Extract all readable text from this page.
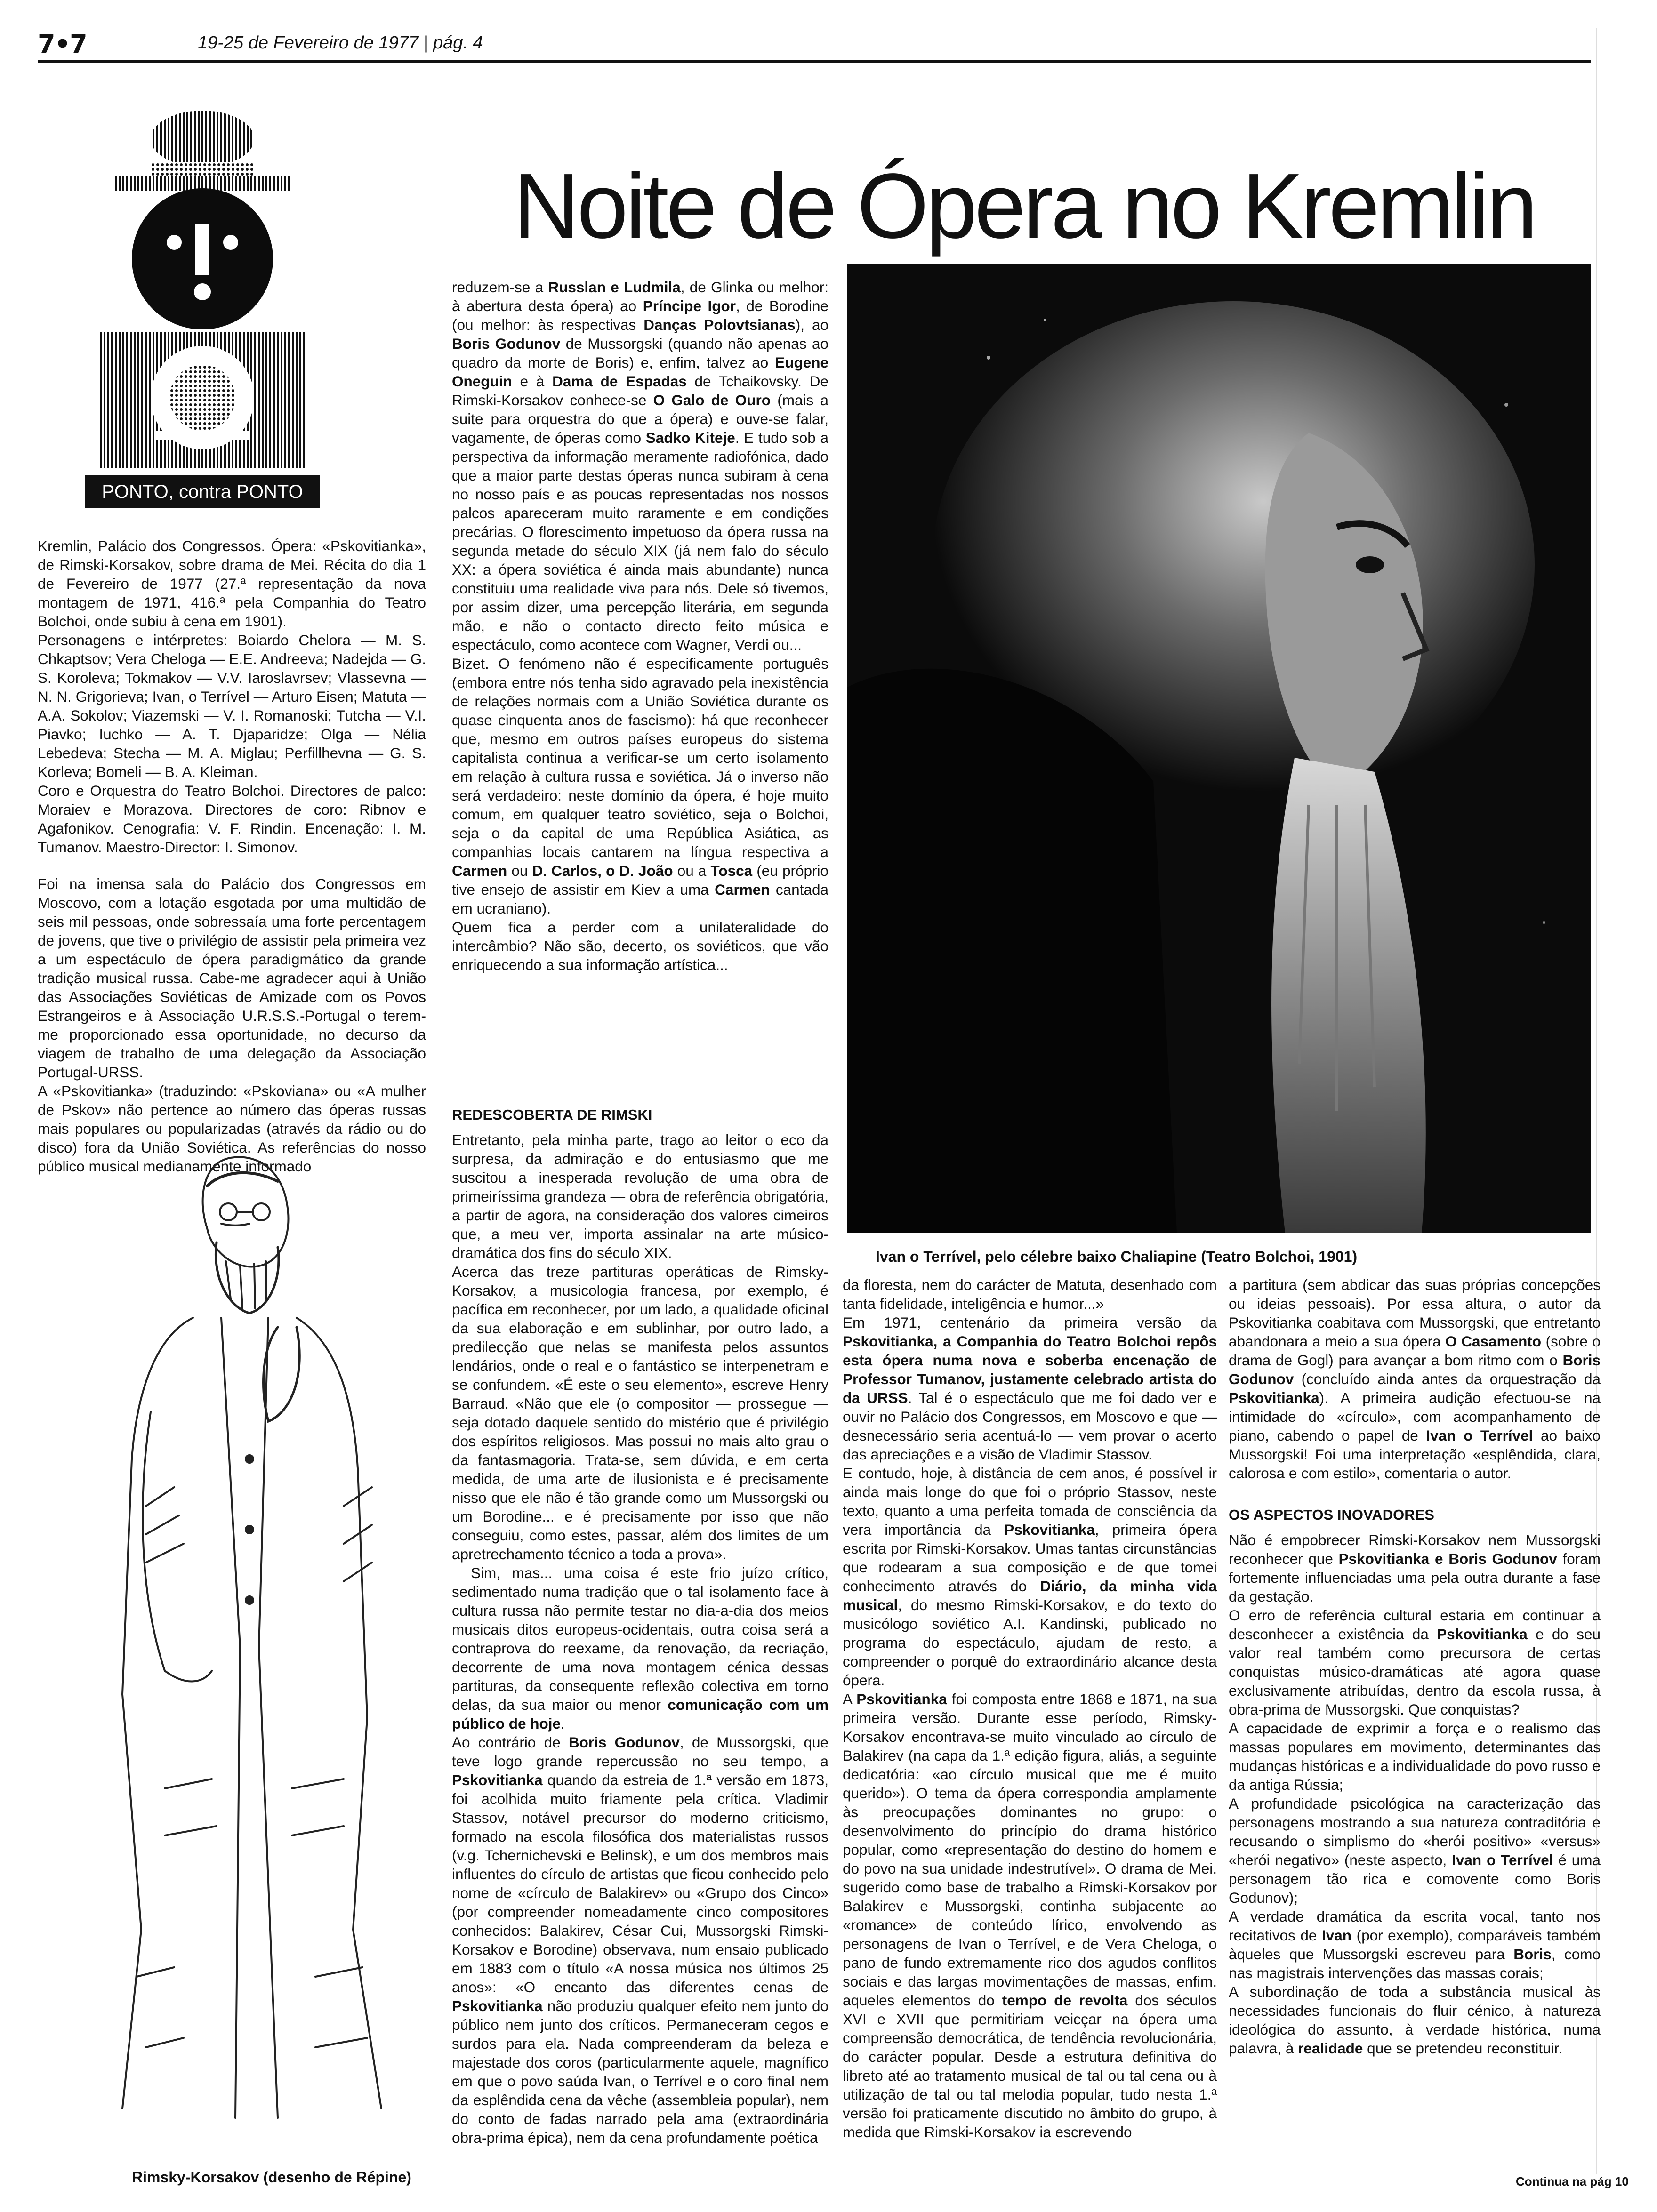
7•7	19-25 de Fevereiro de 1977 | pág. 4
PONTO, contra PONTO
Noite de Ópera no Kremlin

Kremlin, Palácio dos Congressos. Ópera: «Pskovitianka», de Rimski-Korsakov, sobre drama de Mei. Récita do dia 1 de Fevereiro de 1977 (27.ª representação da nova montagem de 1971, 416.ª pela Companhia do Teatro Bolchoi, onde subiu à cena em 1901).

Personagens e intérpretes: Boiardo Chelога — M. S. Chkaptsov; Vera Cheloga — E.E. Andreeva; Nadejda — G. S. Koroleva; Tokmakov — V.V. Iaroslavrsev; Vlassevna — N. N. Grigorieva; Ivan, o Terrível — Arturo Eisen; Matuta — A.A. Sokolov; Viazemski — V. I. Romanoski; Tutcha — V.I. Piavko; Iuchko — A. T. Djaparidze; Olga — Nélia Lebedeva; Stecha — M. A. Miglau; Perfillhevna — G. S. Korleva; Bomeli — B. A. Kleiman.

Coro e Orquestra do Teatro Bolchoi. Directores de palco: Moraiev e Morazova. Directores de coro: Ribnov e Agafonikov. Cenografia: V. F. Rindin. Encenação: I. M. Tumanov. Maestro-Director: I. Simonov.

Foi na imensa sala do Palácio dos Congressos em Moscovo, com a lotação esgotada por uma multidão de seis mil pessoas, onde sobressaía uma forte percentagem de jovens, que tive o privilégio de assistir pela primeira vez a um espectáculo de ópera paradigmático da grande tradição musical russa. Cabe-me agradecer aqui à União das Associações Soviéticas de Amizade com os Povos Estrangeiros e à Associação U.R.S.S.-Portugal o terem-me proporcionado essa oportunidade, no decurso da viagem de trabalho de uma delegação da Associação Portugal-URSS.

A «Pskovitianka» (traduzindo: «Pskoviana» ou «A mulher de Pskov» não pertence ao número das óperas russas mais populares ou popularizadas (através da rádio ou do disco) fora da União Soviética. As referências do nosso público musical medianamente informado

Rimsky-Korsakov (desenho de Répine)

reduzem-se a Russlan e Ludmila, de Glinka ou melhor: à abertura desta ópera) ao Príncipe Igor, de Borodine (ou melhor: às respectivas Danças Polovtsianas), ao Boris Godunov de Mussorgski (quando não apenas ao quadro da morte de Boris) e, enfim, talvez ao Eugene Oneguin e à Dama de Espadas de Tchaikovsky. De Rimski-Korsakov conhece-se O Galo de Ouro (mais a suite para orquestra do que a ópera) e ouve-se falar, vagamente, de óperas como Sadko Kiteje. E tudo sob a perspectiva da informação meramente radiofónica, dado que a maior parte destas óperas nunca subiram à cena no nosso país e as poucas representadas nos nossos palcos apareceram muito raramente e em condições precárias. O florescimento impetuoso da ópera russa na segunda metade do século XIX (já nem falo do século XX: a ópera soviética é ainda mais abundante) nunca constituiu uma realidade viva para nós. Dele só tivemos, por assim dizer, uma percepção literária, em segunda mão, e não o contacto directo feito música e espectáculo, como acontece com Wagner, Verdi ou...

Bizet. O fenómeno não é especificamente português (embora entre nós tenha sido agravado pela inexistência de relações normais com a União Soviética durante os quase cinquenta anos de fascismo): há que reconhecer que, mesmo em outros países europeus do sistema capitalista continua a verificar-se um certo isolamento em relação à cultura russa e soviética. Já o inverso não será verdadeiro: neste domínio da ópera, é hoje muito comum, em qualquer teatro soviético, seja o Bolchoi, seja o da capital de uma República Asiática, as companhias locais cantarem na língua respectiva a Carmen ou D. Carlos, o D. João ou a Tosca (eu próprio tive ensejo de assistir em Kiev a uma Carmen cantada em ucraniano).

Quem fica a perder com a unilateralidade do intercâmbio? Não são, decerto, os soviéticos, que vão enriquecendo a sua informação artística...

REDESCOBERTA DE RIMSKI

Entretanto, pela minha parte, trago ao leitor o eco da surpresa, da admiração e do entusiasmo que me suscitou a inesperada revolução de uma obra de primeiríssima grandeza — obra de referência obrigatória, a partir de agora, na consideração dos valores cimeiros que, a meu ver, importa assinalar na arte músico-dramática dos fins do século XIX.

Acerca das treze partituras operáticas de Rimsky-Korsakov, a musicologia francesa, por exemplo, é pacífica em reconhecer, por um lado, a qualidade oficinal da sua elaboração e em sublinhar, por outro lado, a predilecção que nelas se manifesta pelos assuntos lendários, onde o real e o fantástico se interpenetram e se confundem. «É este o seu elemento», escreve Henry Barraud. «Não que ele (o compositor — prossegue — seja dotado daquele sentido do mistério que é privilégio dos espíritos religiosos. Mas possui no mais alto grau o da fantasmagoria. Trata-se, sem dúvida, e em certa medida, de uma arte de ilusionista e é precisamente nisso que ele não é tão grande como um Mussorgski ou um Borodine... e é precisamente por isso que não conseguiu, como estes, passar, além dos limites de um apretrechamento técnico a toda a prova».

Sim, mas... uma coisa é este frio juízo crítico, sedimentado numa tradição que o tal isolamento face à cultura russa não permite testar no dia-a-dia dos meios musicais ditos europeus-ocidentais, outra coisa será a contraprova do reexame, da renovação, da recriação, decorrente de uma nova montagem cénica dessas partituras, da consequente reflexão colectiva em torno delas, da sua maior ou menor comunicação com um público de hoje.

Ao contrário de Boris Godunov, de Mussorgski, que teve logo grande repercussão no seu tempo, a Pskovitianka quando da estreia de 1.ª versão em 1873, foi acolhida muito friamente pela crítica. Vladimir Stassov, notável precursor do moderno criticismo, formado na escola filosófica dos materialistas russos (v.g. Tchernichevski e Belinsk), e um dos membros mais influentes do círculo de artistas que ficou conhecido pelo nome de «círculo de Balakirev» ou «Grupo dos Cinco» (por compreender nomeadamente cinco compositores conhecidos: Balakirev, César Cui, Mussorgski Rimski-Korsakov e Borodine) observava, num ensaio publicado em 1883 com o título «A nossa música nos últimos 25 anos»: «O encanto das diferentes cenas de Pskovitianka não produziu qualquer efeito nem junto do público nem junto dos críticos. Permaneceram cegos e surdos para ela. Nada compreenderam da beleza e majestade dos coros (particularmente aquele, magnífico em que o povo saúda Ivan, o Terrível e o coro final nem da esplêndida cena da vêche (assembleia popular), nem do conto de fadas narrado pela ama (extraordinária obra-prima épica), nem da cena profundamente poética

Ivan o Terrível, pelo célebre baixo Chaliapine (Teatro Bolchoi, 1901)

da floresta, nem do carácter de Matuta, desenhado com tanta fidelidade, inteligência e humor...»

Em 1971, centenário da primeira versão da Pskovitianka, a Companhia do Teatro Bolchoi repôs esta ópera numa nova e soberba encenação de Professor Tumanov, justamente celebrado artista do da URSS. Tal é o espectáculo que me foi dado ver e ouvir no Palácio dos Congressos, em Moscovo e que — desnecessário seria acentuá-lo — vem provar o acerto das apreciações e a visão de Vladimir Stassov.

E contudo, hoje, à distância de cem anos, é possível ir ainda mais longe do que foi o próprio Stassov, neste texto, quanto a uma perfeita tomada de consciência da vera importância da Pskovitianka, primeira ópera escrita por Rimski-Korsakov. Umas tantas circunstâncias que rodearam a sua composição e de que tomei conhecimento através do Diário, da minha vida musical, do mesmo Rimski-Korsakov, e do texto do musicólogo soviético A.I. Kandinski, publicado no programa do espectáculo, ajudam de resto, a compreender o porquê do extraordinário alcance desta ópera.

A Pskovitianka foi composta entre 1868 e 1871, na sua primeira versão. Durante esse período, Rimsky-Korsakov encontrava-se muito vinculado ao círculo de Balakirev (na capa da 1.ª edição figura, aliás, a seguinte dedicatória: «ao círculo musical que me é muito querido»). O tema da ópera correspondia amplamente às preocupações dominantes no grupo: o desenvolvimento do princípio do drama histórico popular, como «representação do destino do homem e do povo na sua unidade indestrutível». O drama de Mei, sugerido como base de trabalho a Rimski-Korsakov por Balakirev e Mussorgski, continha subjacente ao «romance» de conteúdo lírico, envolvendo as personagens de Ivan o Terrível, e de Vera Cheloga, o pano de fundo extremamente rico dos agudos conflitos sociais e das largas movimentações de massas, enfim, aqueles elementos do tempo de revolta dos séculos XVI e XVII que permitiriam veicçar na ópera uma compreensão democrática, de tendência revolucionária, do carácter popular. Desde a estrutura definitiva do libreto até ao tratamento musical de tal ou tal cena ou à utilização de tal ou tal melodia popular, tudo nesta 1.ª versão foi praticamente discutido no âmbito do grupo, à medida que Rimski-Korsakov ia escrevendo

a partitura (sem abdicar das suas próprias concepções ou ideias pessoais). Por essa altura, o autor da Pskovitianka coabitava com Mussorgski, que entretanto abandonara a meio a sua ópera O Casamento (sobre o drama de Gogl) para avançar a bom ritmo com o Boris Godunov (concluído ainda antes da orquestração da Pskovitianka). A primeira audição efectuou-se na intimidade do «círculo», com acompanhamento de piano, cabendo o papel de Ivan o Terrível ao baixo Mussorgski! Foi uma interpretação «esplêndida, clara, calorosa e com estilo», comentaria o autor.

OS ASPECTOS INOVADORES

Não é empobrecer Rimski-Korsakov nem Mussorgski reconhecer que Pskovitianka e Boris Godunov foram fortemente influenciadas uma pela outra durante a fase da gestação.

O erro de referência cultural estaria em continuar a desconhecer a existência da Pskovitianka e do seu valor real também como precursora de certas conquistas músico-dramáticas até agora quase exclusivamente atribuídas, dentro da escola russa, à obra-prima de Mussorgski. Que conquistas?

A capacidade de exprimir a força e o realismo das massas populares em movimento, determinantes das mudanças históricas e a individualidade do povo russo e da antiga Rússia;

A profundidade psicológica na caracterização das personagens mostrando a sua natureza contraditória e recusando o simplismo do «herói positivo» «versus» «herói negativo» (neste aspecto, Ivan o Terrível é uma personagem tão rica e comovente como Boris Godunov);

A verdade dramática da escrita vocal, tanto nos recitativos de Ivan (por exemplo), comparáveis também àqueles que Mussorgski escreveu para Boris, como nas magistrais intervenções das massas corais;

A subordinação de toda a substância musical às necessidades funcionais do fluir cénico, à natureza ideológica do assunto, à verdade histórica, numa palavra, à realidade que se pretendeu reconstituir.

Continua na pág 10
